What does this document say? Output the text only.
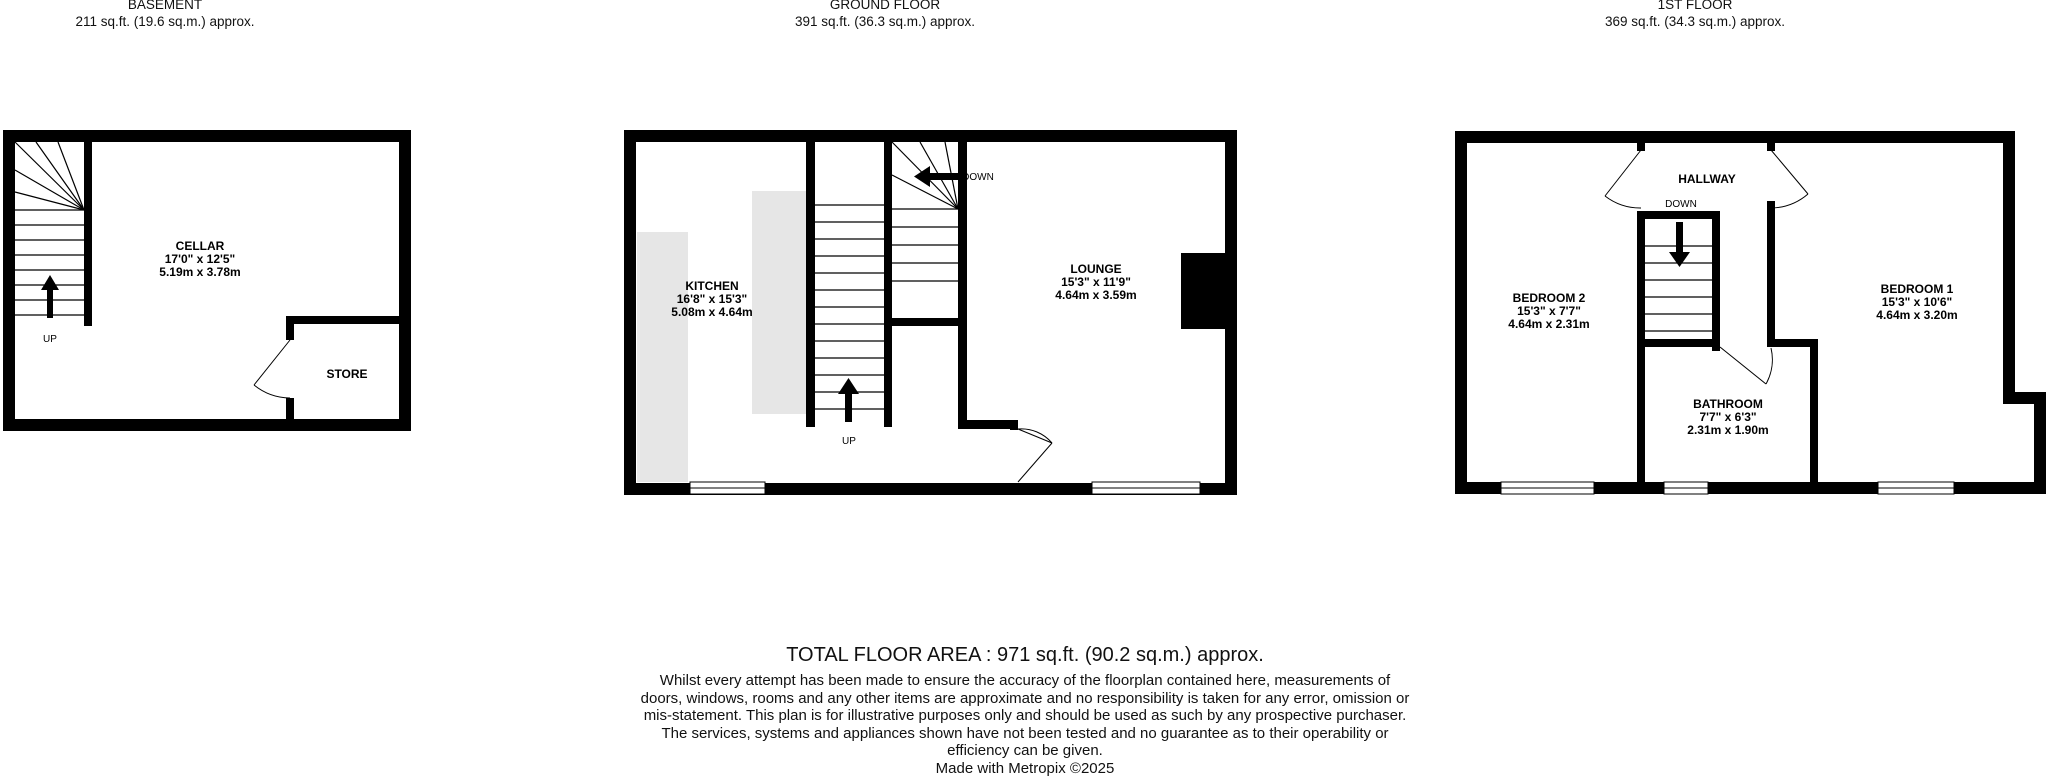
BASEMENT
211 sq.ft. (19.6 sq.m.) approx.
GROUND FLOOR
391 sq.ft. (36.3 sq.m.) approx.
1ST FLOOR
369 sq.ft. (34.3 sq.m.) approx.
UP
CELLAR
17'0" x 12'5"
5.19m x 3.78m
STORE
UP
DOWN
KITCHEN
16'8" x 15'3"
5.08m x 4.64m
LOUNGE
15'3" x 11'9"
4.64m x 3.59m
DOWN
HALLWAY
BEDROOM 2
15'3" x 7'7"
4.64m x 2.31m
BEDROOM 1
15'3" x 10'6"
4.64m x 3.20m
BATHROOM
7'7" x 6'3"
2.31m x 1.90m
TOTAL FLOOR AREA : 971 sq.ft. (90.2 sq.m.) approx.
Whilst every attempt has been made to ensure the accuracy of the floorplan contained here, measurements of doors, windows, rooms and any other items are approximate and no responsibility is taken for any error, omission or mis-statement. This plan is for illustrative purposes only and should be used as such by any prospective purchaser. The services, systems and appliances shown have not been tested and no guarantee as to their operability or efficiency can be given.
Made with Metropix ©2025
